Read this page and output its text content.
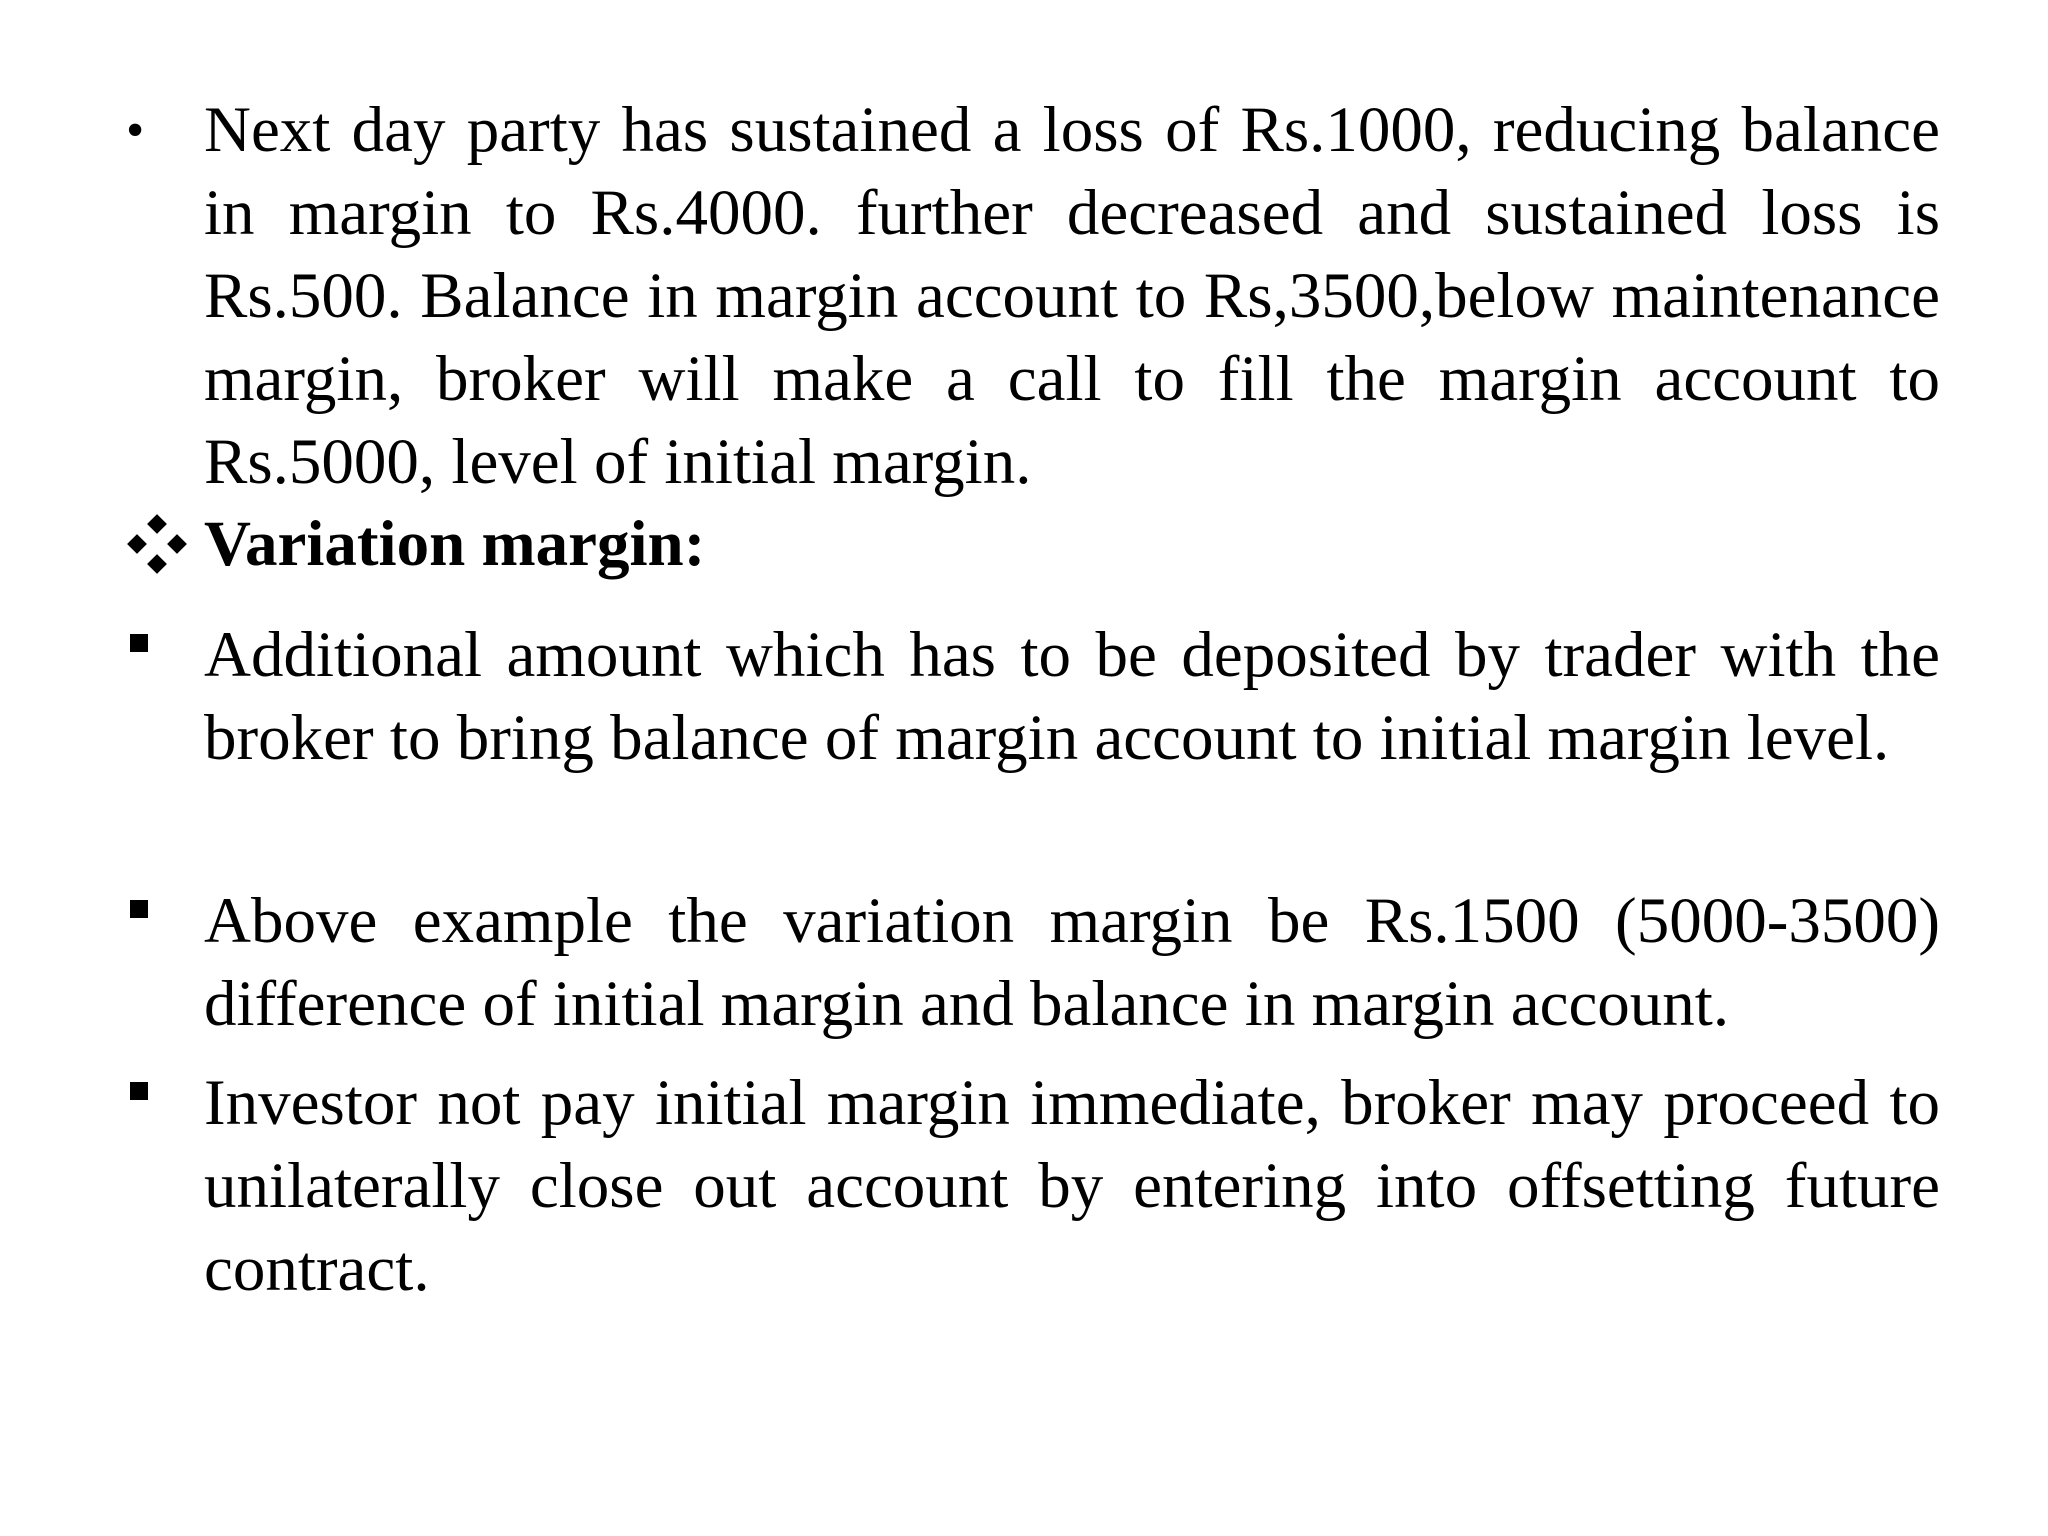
• Next day party has sustained a loss of Rs.1000, reducing balance in margin to Rs.4000. further decreased and sustained loss is Rs.500. Balance in margin account to Rs,3500,below maintenance margin, broker will make a call to fill the margin account to Rs.5000, level of initial margin.
Variation margin:
Additional amount which has to be deposited by trader with the broker to bring balance of margin account to initial margin level.
Above example the variation margin be Rs.1500 (5000-3500) difference of initial margin and balance in margin account.
Investor not pay initial margin immediate, broker may proceed to unilaterally close out account by entering into offsetting future contract.
